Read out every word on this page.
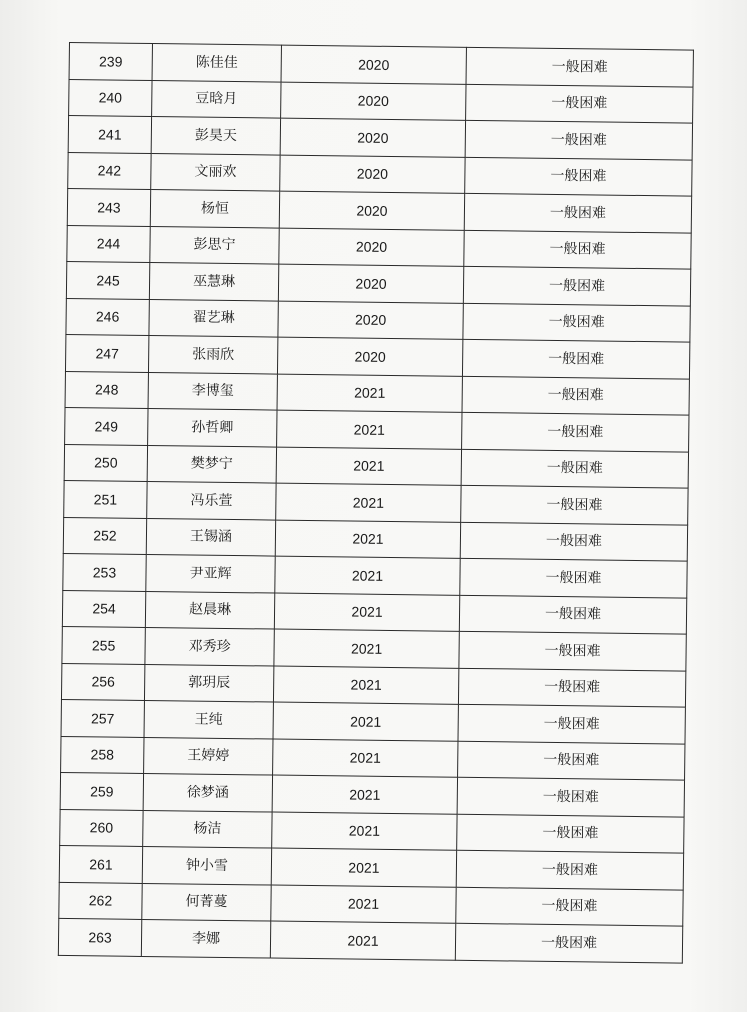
239	陈佳佳	2020	一般困难
240	豆晗月	2020	一般困难
241	彭昊天	2020	一般困难
242	文丽欢	2020	一般困难
243	杨恒	2020	一般困难
244	彭思宁	2020	一般困难
245	巫慧琳	2020	一般困难
246	翟艺琳	2020	一般困难
247	张雨欣	2020	一般困难
248	李博玺	2021	一般困难
249	孙哲卿	2021	一般困难
250	樊梦宁	2021	一般困难
251	冯乐萱	2021	一般困难
252	王锡涵	2021	一般困难
253	尹亚辉	2021	一般困难
254	赵晨琳	2021	一般困难
255	邓秀珍	2021	一般困难
256	郭玥辰	2021	一般困难
257	王纯	2021	一般困难
258	王婷婷	2021	一般困难
259	徐梦涵	2021	一般困难
260	杨洁	2021	一般困难
261	钟小雪	2021	一般困难
262	何菁蔓	2021	一般困难
263	李娜	2021	一般困难
